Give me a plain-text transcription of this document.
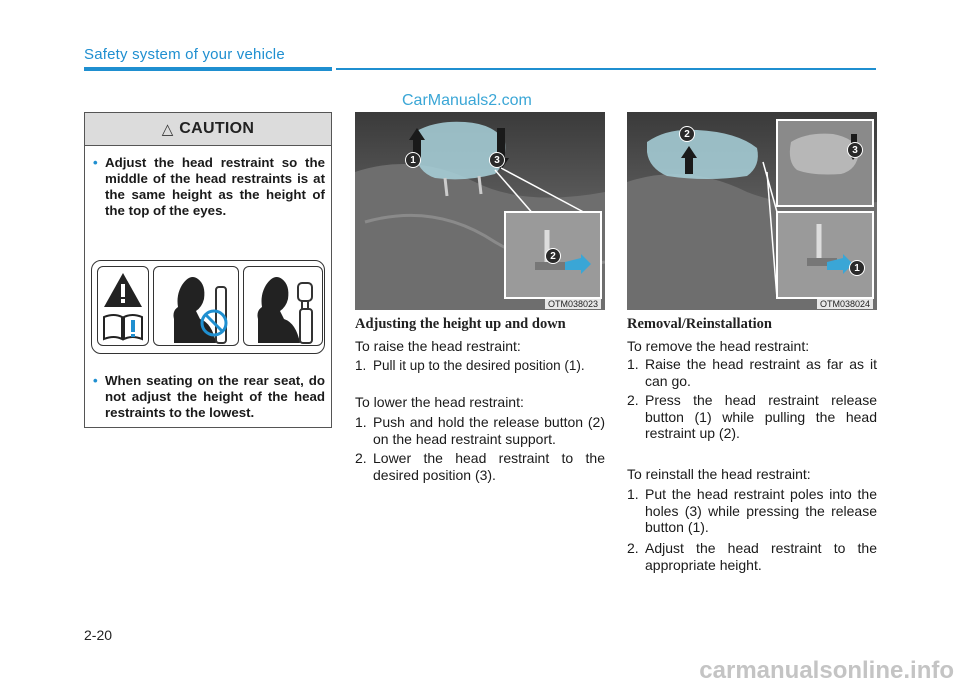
Safety system of your vehicle
CarManuals2.com
△ CAUTION
• Adjust the head restraint so the middle of the head restraints is at the same height as the height of the top of the eyes.
• When seating on the rear seat, do not adjust the height of the head restraints to the lowest.
1	3
2
OTM038023
2
3
1
OTM038024
Adjusting the height up and down
To raise the head restraint:
1. Pull it up to the desired position (1).
To lower the head restraint:
1. Push and hold the release button (2) on the head restraint support.
2. Lower the head restraint to the desired position (3).
Removal/Reinstallation
To remove the head restraint:
1. Raise the head restraint as far as it can go.
2. Press the head restraint release button (1) while pulling the head restraint up (2).
To reinstall the head restraint:
1. Put the head restraint poles into the holes (3) while pressing the release button (1).
2. Adjust the head restraint to the appropriate height.
2-20
carmanualsonline.info
